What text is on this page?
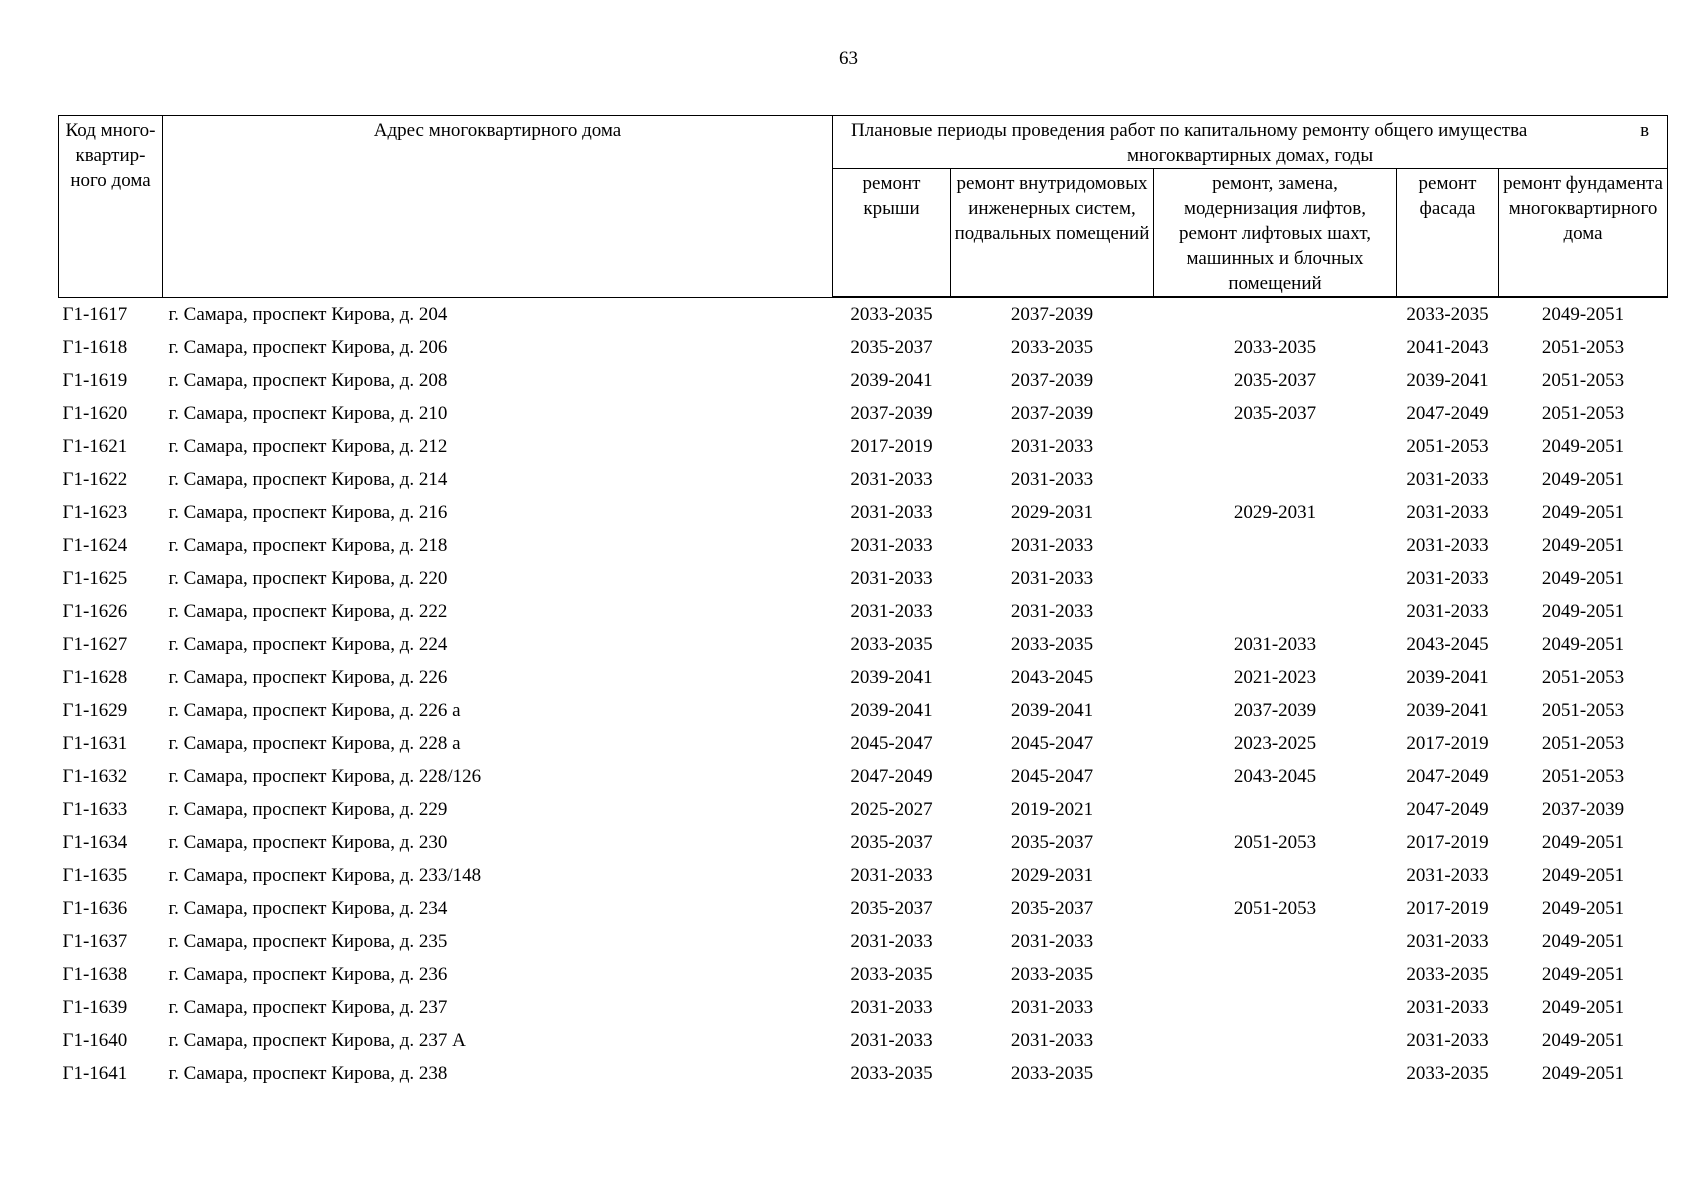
63
Код много-квартир-ного дома	Адрес многоквартирного дома	Плановые периоды проведения работ по капитальному ремонту общего имущества в
многоквартирных домах, годы				

		ремонт крыши	ремонт внутридомовых инженерных систем, подвальных помещений	ремонт, замена, модернизация лифтов, ремонт лифтовых шахт, машинных и блочных помещений	ремонт фасада	ремонт фундамента многоквартирного дома
Г1-1617	г. Самара, проспект Кирова, д. 204	2033-2035	2037-2039		2033-2035	2049-2051
Г1-1618	г. Самара, проспект Кирова, д. 206	2035-2037	2033-2035	2033-2035	2041-2043	2051-2053
Г1-1619	г. Самара, проспект Кирова, д. 208	2039-2041	2037-2039	2035-2037	2039-2041	2051-2053
Г1-1620	г. Самара, проспект Кирова, д. 210	2037-2039	2037-2039	2035-2037	2047-2049	2051-2053
Г1-1621	г. Самара, проспект Кирова, д. 212	2017-2019	2031-2033		2051-2053	2049-2051
Г1-1622	г. Самара, проспект Кирова, д. 214	2031-2033	2031-2033		2031-2033	2049-2051
Г1-1623	г. Самара, проспект Кирова, д. 216	2031-2033	2029-2031	2029-2031	2031-2033	2049-2051
Г1-1624	г. Самара, проспект Кирова, д. 218	2031-2033	2031-2033		2031-2033	2049-2051
Г1-1625	г. Самара, проспект Кирова, д. 220	2031-2033	2031-2033		2031-2033	2049-2051
Г1-1626	г. Самара, проспект Кирова, д. 222	2031-2033	2031-2033		2031-2033	2049-2051
Г1-1627	г. Самара, проспект Кирова, д. 224	2033-2035	2033-2035	2031-2033	2043-2045	2049-2051
Г1-1628	г. Самара, проспект Кирова, д. 226	2039-2041	2043-2045	2021-2023	2039-2041	2051-2053
Г1-1629	г. Самара, проспект Кирова, д. 226 а	2039-2041	2039-2041	2037-2039	2039-2041	2051-2053
Г1-1631	г. Самара, проспект Кирова, д. 228 а	2045-2047	2045-2047	2023-2025	2017-2019	2051-2053
Г1-1632	г. Самара, проспект Кирова, д. 228/126	2047-2049	2045-2047	2043-2045	2047-2049	2051-2053
Г1-1633	г. Самара, проспект Кирова, д. 229	2025-2027	2019-2021		2047-2049	2037-2039
Г1-1634	г. Самара, проспект Кирова, д. 230	2035-2037	2035-2037	2051-2053	2017-2019	2049-2051
Г1-1635	г. Самара, проспект Кирова, д. 233/148	2031-2033	2029-2031		2031-2033	2049-2051
Г1-1636	г. Самара, проспект Кирова, д. 234	2035-2037	2035-2037	2051-2053	2017-2019	2049-2051
Г1-1637	г. Самара, проспект Кирова, д. 235	2031-2033	2031-2033		2031-2033	2049-2051
Г1-1638	г. Самара, проспект Кирова, д. 236	2033-2035	2033-2035		2033-2035	2049-2051
Г1-1639	г. Самара, проспект Кирова, д. 237	2031-2033	2031-2033		2031-2033	2049-2051
Г1-1640	г. Самара, проспект Кирова, д. 237 А	2031-2033	2031-2033		2031-2033	2049-2051
Г1-1641	г. Самара, проспект Кирова, д. 238	2033-2035	2033-2035		2033-2035	2049-2051
